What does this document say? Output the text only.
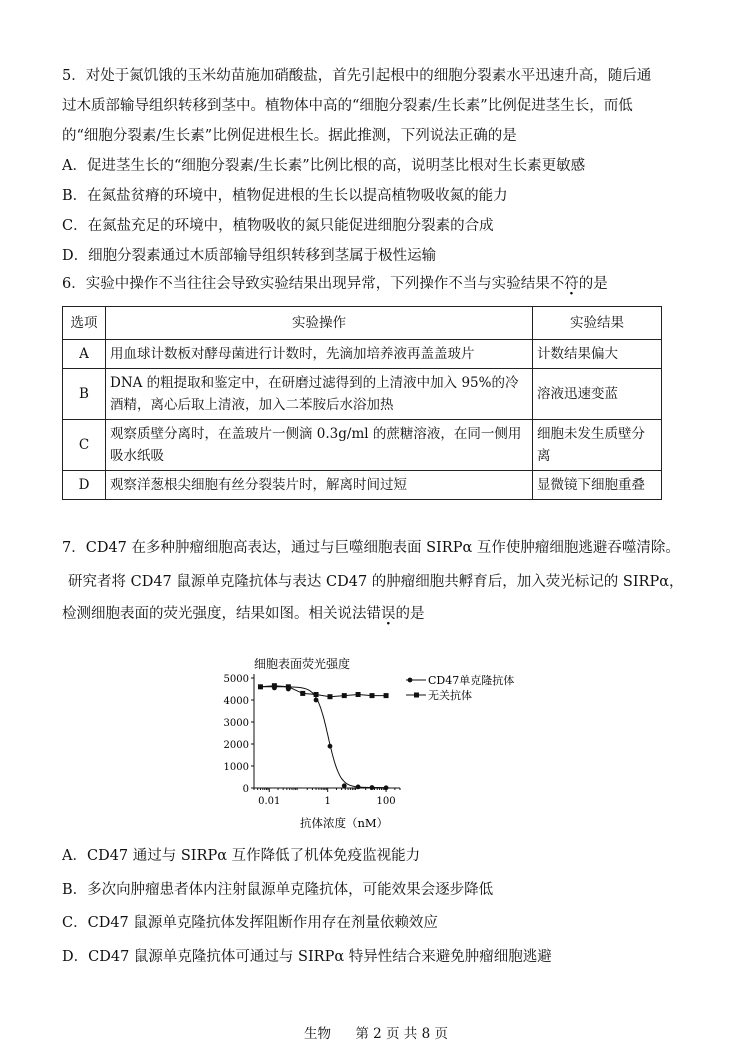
5．对处于氮饥饿的玉米幼苗施加硝酸盐，首先引起根中的细胞分裂素水平迅速升高，随后通
过木质部输导组织转移到茎中。植物体中高的“细胞分裂素/生长素”比例促进茎生长，而低
的“细胞分裂素/生长素”比例促进根生长。据此推测，下列说法正确的是
A．促进茎生长的“细胞分裂素/生长素”比例比根的高，说明茎比根对生长素更敏感
B．在氮盐贫瘠的环境中，植物促进根的生长以提高植物吸收氮的能力
C．在氮盐充足的环境中，植物吸收的氮只能促进细胞分裂素的合成
D．细胞分裂素通过木质部输导组织转移到茎属于极性运输
6．实验中操作不当往往会导致实验结果出现异常，下列操作不当与实验结果不符的是
选项	实验操作	实验结果
A	用血球计数板对酵母菌进行计数时，先滴加培养液再盖盖玻片	计数结果偏大
B	DNA 的粗提取和鉴定中，在研磨过滤得到的上清液中加入 95%的冷酒精，离心后取上清液，加入二苯胺后水浴加热	溶液迅速变蓝
C	观察质壁分离时，在盖玻片一侧滴 0.3g/ml 的蔗糖溶液，在同一侧用吸水纸吸	细胞未发生质壁分离
D	观察洋葱根尖细胞有丝分裂装片时，解离时间过短	显微镜下细胞重叠
7．CD47 在多种肿瘤细胞高表达，通过与巨噬细胞表面 SIRPα 互作使肿瘤细胞逃避吞噬清除。
研究者将 CD47 鼠源单克隆抗体与表达 CD47 的肿瘤细胞共孵育后，加入荧光标记的 SIRPα，
检测细胞表面的荧光强度，结果如图。相关说法错误的是
细胞表面荧光强度
0
1000
2000
3000
4000
5000
0.01	1	100
CD47单克隆抗体
无关抗体
抗体浓度（nM）
A．CD47 通过与 SIRPα 互作降低了机体免疫监视能力
B．多次向肿瘤患者体内注射鼠源单克隆抗体，可能效果会逐步降低
C．CD47 鼠源单克隆抗体发挥阻断作用存在剂量依赖效应
D．CD47 鼠源单克隆抗体可通过与 SIRPα 特异性结合来避免肿瘤细胞逃避
生物 第 2 页 共 8 页
